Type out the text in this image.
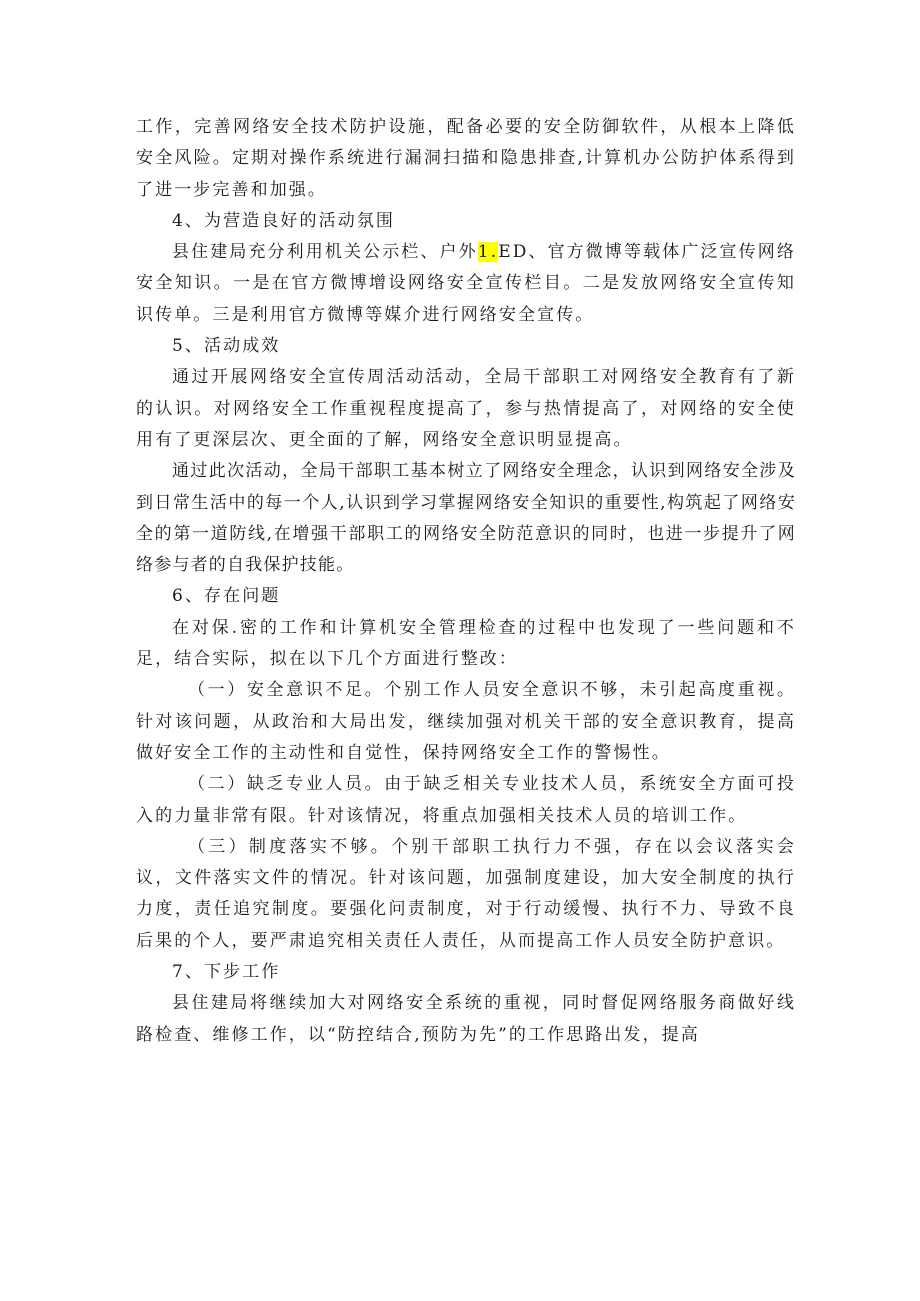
工作，完善网络安全技术防护设施，配备必要的安全防御软件，从根本上降低安全风险。定期对操作系统进行漏洞扫描和隐患排查,计算机办公防护体系得到了进一步完善和加强。

4、为营造良好的活动氛围

县住建局充分利用机关公示栏、户外1.ED、官方微博等载体广泛宣传网络安全知识。一是在官方微博增设网络安全宣传栏目。二是发放网络安全宣传知识传单。三是利用官方微博等媒介进行网络安全宣传。

5、活动成效

通过开展网络安全宣传周活动活动，全局干部职工对网络安全教育有了新的认识。对网络安全工作重视程度提高了，参与热情提高了，对网络的安全使用有了更深层次、更全面的了解，网络安全意识明显提高。

通过此次活动，全局干部职工基本树立了网络安全理念，认识到网络安全涉及到日常生活中的每一个人,认识到学习掌握网络安全知识的重要性,构筑起了网络安全的第一道防线,在增强干部职工的网络安全防范意识的同时，也进一步提升了网络参与者的自我保护技能。

6、存在问题

在对保.密的工作和计算机安全管理检查的过程中也发现了一些问题和不足，结合实际，拟在以下几个方面进行整改：

（一）安全意识不足。个别工作人员安全意识不够，未引起高度重视。针对该问题，从政治和大局出发，继续加强对机关干部的安全意识教育，提高做好安全工作的主动性和自觉性，保持网络安全工作的警惕性。

（二）缺乏专业人员。由于缺乏相关专业技术人员，系统安全方面可投入的力量非常有限。针对该情况，将重点加强相关技术人员的培训工作。

（三）制度落实不够。个别干部职工执行力不强，存在以会议落实会议，文件落实文件的情况。针对该问题，加强制度建设，加大安全制度的执行力度，责任追究制度。要强化问责制度，对于行动缓慢、执行不力、导致不良后果的个人，要严肃追究相关责任人责任，从而提高工作人员安全防护意识。

7、下步工作

县住建局将继续加大对网络安全系统的重视，同时督促网络服务商做好线路检查、维修工作，以“防控结合,预防为先”的工作思路出发，提高
